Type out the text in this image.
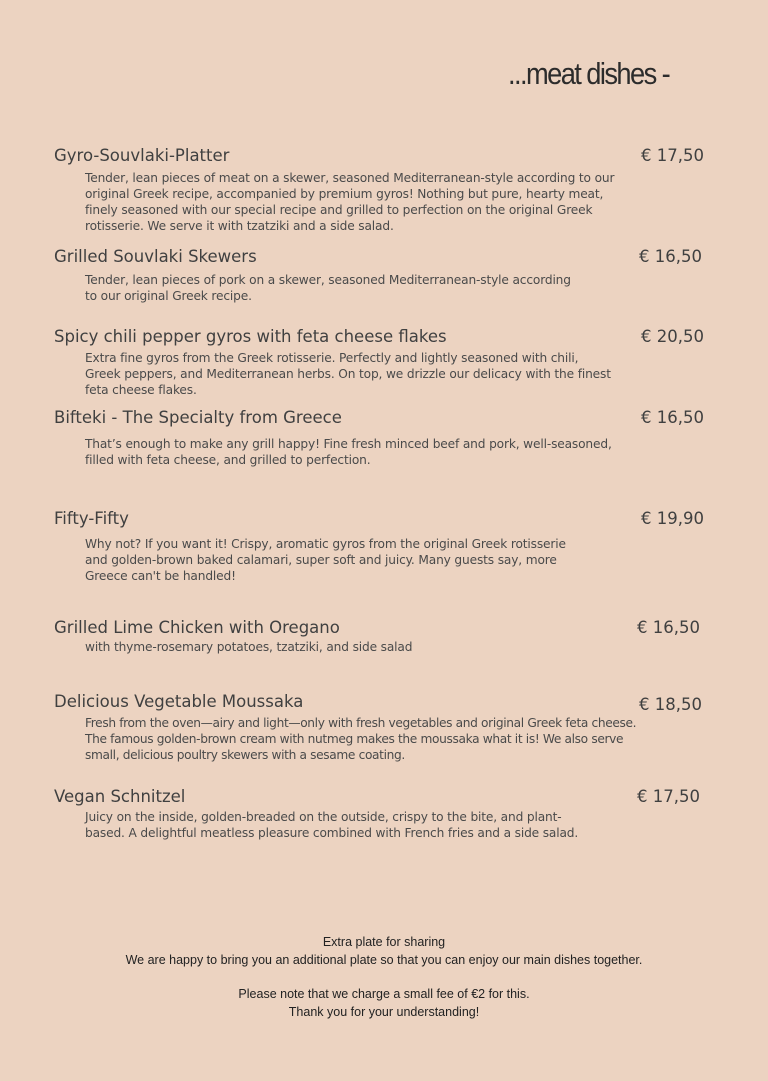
...meat dishes -
Gyro-Souvlaki-Platter	€ 17,50
Tender, lean pieces of meat on a skewer, seasoned Mediterranean-style according to our original Greek recipe, accompanied by premium gyros! Nothing but pure, hearty meat, finely seasoned with our special recipe and grilled to perfection on the original Greek rotisserie. We serve it with tzatziki and a side salad.
Grilled Souvlaki Skewers	€ 16,50
Tender, lean pieces of pork on a skewer, seasoned Mediterranean-style according to our original Greek recipe.
Spicy chili pepper gyros with feta cheese flakes	€ 20,50
Extra fine gyros from the Greek rotisserie. Perfectly and lightly seasoned with chili, Greek peppers, and Mediterranean herbs. On top, we drizzle our delicacy with the finest feta cheese flakes.
Bifteki - The Specialty from Greece	€ 16,50
That’s enough to make any grill happy! Fine fresh minced beef and pork, well-seasoned, filled with feta cheese, and grilled to perfection.
Fifty-Fifty	€ 19,90
Why not? If you want it! Crispy, aromatic gyros from the original Greek rotisserie and golden-brown baked calamari, super soft and juicy. Many guests say, more Greece can't be handled!
Grilled Lime Chicken with Oregano	€ 16,50
with thyme-rosemary potatoes, tzatziki, and side salad
Delicious Vegetable Moussaka	€ 18,50
Fresh from the oven—airy and light—only with fresh vegetables and original Greek feta cheese. The famous golden-brown cream with nutmeg makes the moussaka what it is! We also serve small, delicious poultry skewers with a sesame coating.
Vegan Schnitzel	€ 17,50
Juicy on the inside, golden-breaded on the outside, crispy to the bite, and plant-based. A delightful meatless pleasure combined with French fries and a side salad.

Extra plate for sharing

We are happy to bring you an additional plate so that you can enjoy our main dishes together.

Please note that we charge a small fee of €2 for this.

Thank you for your understanding!
